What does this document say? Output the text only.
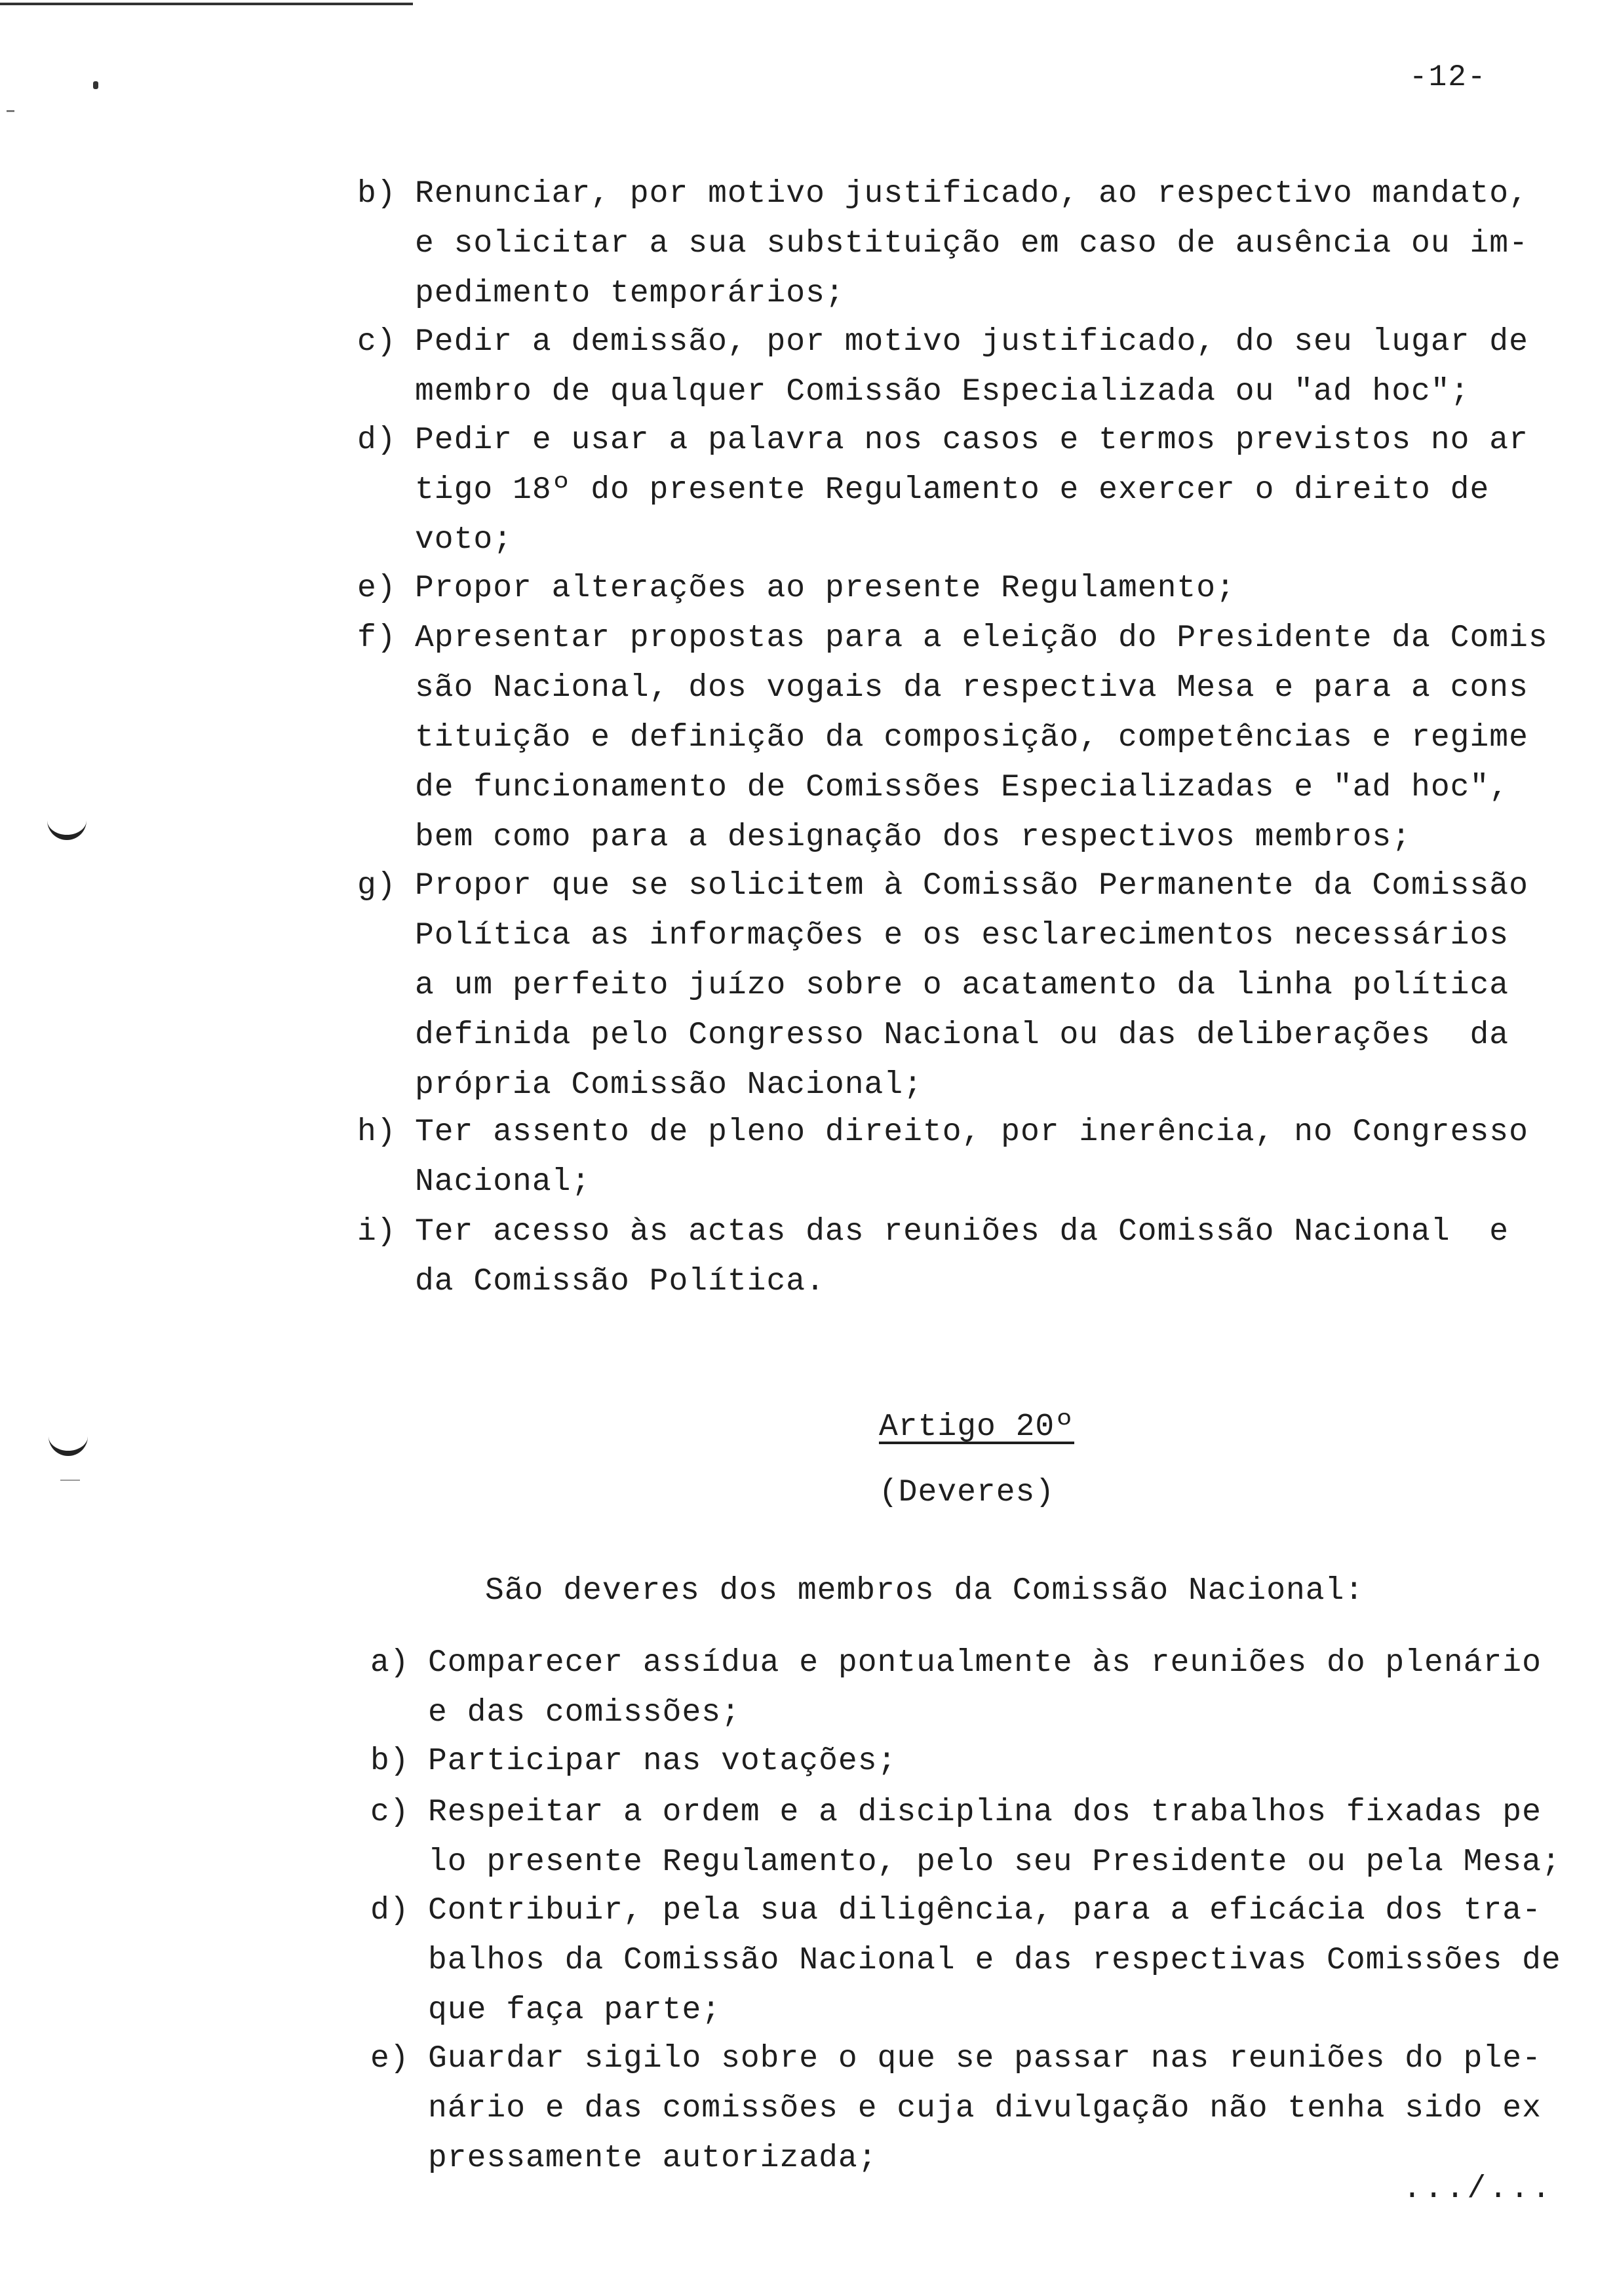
-12-
b) Renunciar, por motivo justificado, ao respectivo mandato,
e solicitar a sua substituição em caso de ausência ou im-
pedimento temporários;
c) Pedir a demissão, por motivo justificado, do seu lugar de
membro de qualquer Comissão Especializada ou "ad hoc";
d) Pedir e usar a palavra nos casos e termos previstos no ar
tigo 18º do presente Regulamento e exercer o direito de
voto;
e) Propor alterações ao presente Regulamento;
f) Apresentar propostas para a eleição do Presidente da Comis
são Nacional, dos vogais da respectiva Mesa e para a cons
tituição e definição da composição, competências e regime
de funcionamento de Comissões Especializadas e "ad hoc",
bem como para a designação dos respectivos membros;
g) Propor que se solicitem à Comissão Permanente da Comissão
Política as informações e os esclarecimentos necessários
a um perfeito juízo sobre o acatamento da linha política
definida pelo Congresso Nacional ou das deliberações  da
própria Comissão Nacional;
h) Ter assento de pleno direito, por inerência, no Congresso
Nacional;
i) Ter acesso às actas das reuniões da Comissão Nacional  e
da Comissão Política.
Artigo 20º
(Deveres)
São deveres dos membros da Comissão Nacional:
a) Comparecer assídua e pontualmente às reuniões do plenário
e das comissões;
b) Participar nas votações;
c) Respeitar a ordem e a disciplina dos trabalhos fixadas pe
lo presente Regulamento, pelo seu Presidente ou pela Mesa;
d) Contribuir, pela sua diligência, para a eficácia dos tra-
balhos da Comissão Nacional e das respectivas Comissões de
que faça parte;
e) Guardar sigilo sobre o que se passar nas reuniões do ple-
nário e das comissões e cuja divulgação não tenha sido ex
pressamente autorizada;
.../...
